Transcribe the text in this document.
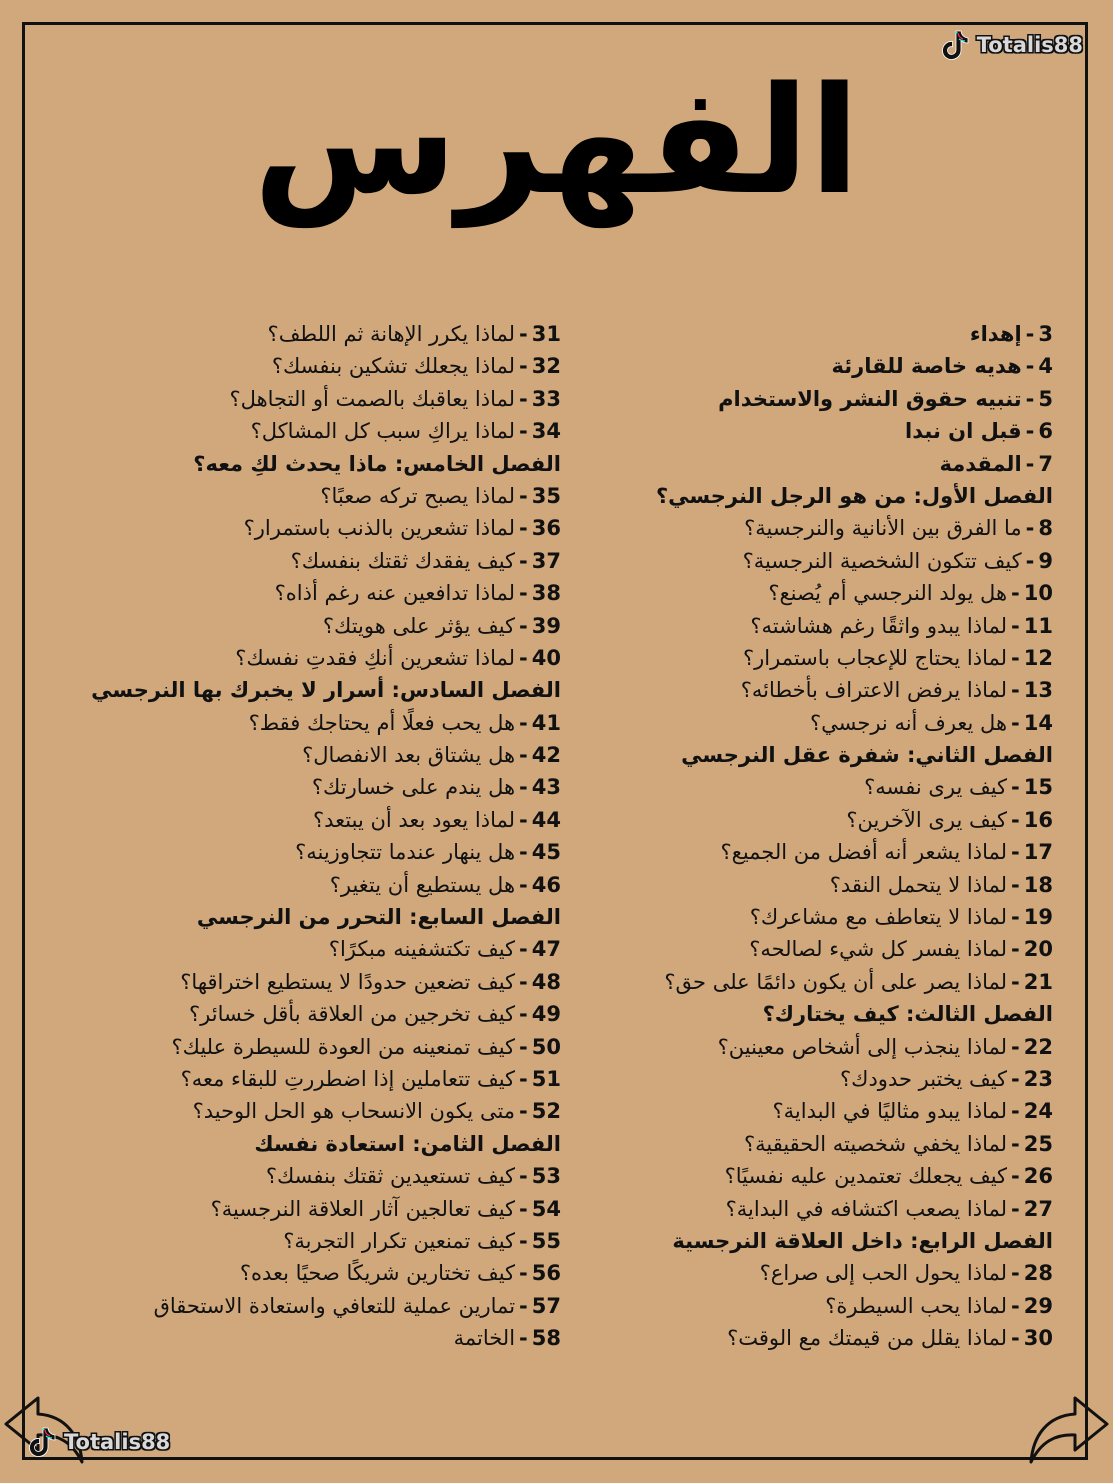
Totalis88
الفهرس
3-إهداء
4-هديه خاصة للقارئة
5-تنبيه حقوق النشر والاستخدام
6-قبل ان نبدا
7-المقدمة
الفصل الأول: من هو الرجل النرجسي؟
8-ما الفرق بين الأنانية والنرجسية؟
9-كيف تتكون الشخصية النرجسية؟
10-هل يولد النرجسي أم يُصنع؟
11-لماذا يبدو واثقًا رغم هشاشته؟
12-لماذا يحتاج للإعجاب باستمرار؟
13-لماذا يرفض الاعتراف بأخطائه؟
14-هل يعرف أنه نرجسي؟
الفصل الثاني: شفرة عقل النرجسي
15-كيف يرى نفسه؟
16-كيف يرى الآخرين؟
17-لماذا يشعر أنه أفضل من الجميع؟
18-لماذا لا يتحمل النقد؟
19-لماذا لا يتعاطف مع مشاعرك؟
20-لماذا يفسر كل شيء لصالحه؟
21-لماذا يصر على أن يكون دائمًا على حق؟
الفصل الثالث: كيف يختارك؟
22-لماذا ينجذب إلى أشخاص معينين؟
23-كيف يختبر حدودك؟
24-لماذا يبدو مثاليًا في البداية؟
25-لماذا يخفي شخصيته الحقيقية؟
26-كيف يجعلك تعتمدين عليه نفسيًا؟
27-لماذا يصعب اكتشافه في البداية؟
الفصل الرابع: داخل العلاقة النرجسية
28-لماذا يحول الحب إلى صراع؟
29-لماذا يحب السيطرة؟
30-لماذا يقلل من قيمتك مع الوقت؟
31-لماذا يكرر الإهانة ثم اللطف؟
32-لماذا يجعلك تشكين بنفسك؟
33-لماذا يعاقبك بالصمت أو التجاهل؟
34-لماذا يراكِ سبب كل المشاكل؟
الفصل الخامس: ماذا يحدث لكِ معه؟
35-لماذا يصبح تركه صعبًا؟
36-لماذا تشعرين بالذنب باستمرار؟
37-كيف يفقدك ثقتك بنفسك؟
38-لماذا تدافعين عنه رغم أذاه؟
39-كيف يؤثر على هويتك؟
40-لماذا تشعرين أنكِ فقدتِ نفسك؟
الفصل السادس: أسرار لا يخبرك بها النرجسي
41-هل يحب فعلًا أم يحتاجك فقط؟
42-هل يشتاق بعد الانفصال؟
43-هل يندم على خسارتك؟
44-لماذا يعود بعد أن يبتعد؟
45-هل ينهار عندما تتجاوزينه؟
46-هل يستطيع أن يتغير؟
الفصل السابع: التحرر من النرجسي
47-كيف تكتشفينه مبكرًا؟
48-كيف تضعين حدودًا لا يستطيع اختراقها؟
49-كيف تخرجين من العلاقة بأقل خسائر؟
50-كيف تمنعينه من العودة للسيطرة عليك؟
51-كيف تتعاملين إذا اضطررتِ للبقاء معه؟
52-متى يكون الانسحاب هو الحل الوحيد؟
الفصل الثامن: استعادة نفسك
53-كيف تستعيدين ثقتك بنفسك؟
54-كيف تعالجين آثار العلاقة النرجسية؟
55-كيف تمنعين تكرار التجربة؟
56-كيف تختارين شريكًا صحيًا بعده؟
57-تمارين عملية للتعافي واستعادة الاستحقاق
58-الخاتمة
Totalis88
